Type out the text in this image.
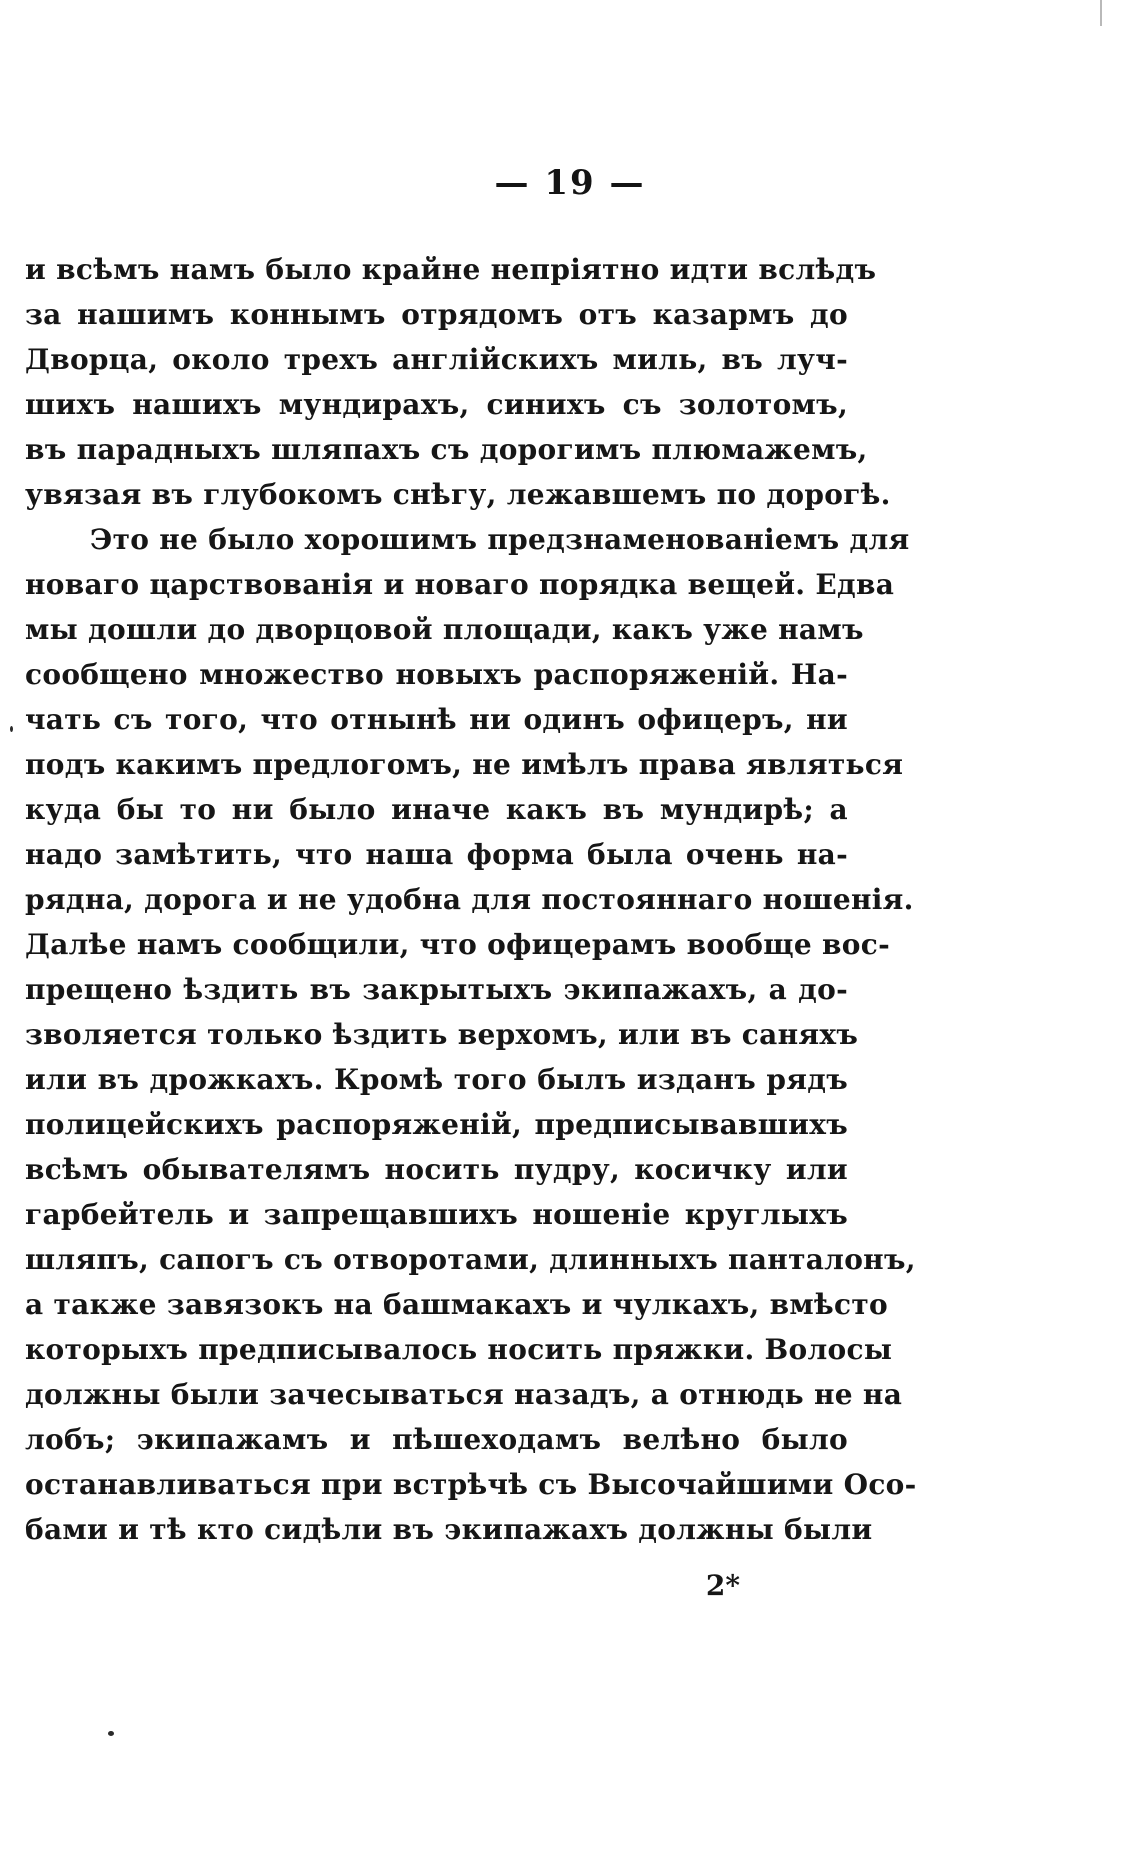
— 19 —
и всѣмъ намъ было крайне непріятно идти вслѣдъ
за нашимъ коннымъ отрядомъ отъ казармъ до
Дворца, около трехъ англійскихъ миль, въ луч-
шихъ нашихъ мундирахъ, синихъ съ золотомъ,
въ парадныхъ шляпахъ съ дорогимъ плюмажемъ,
увязая въ глубокомъ снѣгу, лежавшемъ по дорогѣ.
Это не было хорошимъ предзнаменованіемъ для
новаго царствованія и новаго порядка вещей. Едва
мы дошли до дворцовой площади, какъ уже намъ
сообщено множество новыхъ распоряженій. На-
чать съ того, что отнынѣ ни одинъ офицеръ, ни
подъ какимъ предлогомъ, не имѣлъ права являться
куда бы то ни было иначе какъ въ мундирѣ; а
надо замѣтить, что наша форма была очень на-
рядна, дорога и не удобна для постояннаго ношенія.
Далѣе намъ сообщили, что офицерамъ вообще вос-
прещено ѣздить въ закрытыхъ экипажахъ, а до-
зволяется только ѣздить верхомъ, или въ саняхъ
или въ дрожкахъ. Кромѣ того былъ изданъ рядъ
полицейскихъ распоряженій, предписывавшихъ
всѣмъ обывателямъ носить пудру, косичку или
гарбейтель и запрещавшихъ ношеніе круглыхъ
шляпъ, сапогъ съ отворотами, длинныхъ панталонъ,
а также завязокъ на башмакахъ и чулкахъ, вмѣсто
которыхъ предписывалось носить пряжки. Волосы
должны были зачесываться назадъ, а отнюдь не на
лобъ; экипажамъ и пѣшеходамъ велѣно было
останавливаться при встрѣчѣ съ Высочайшими Осо-
бами и тѣ кто сидѣли въ экипажахъ должны были
2*
